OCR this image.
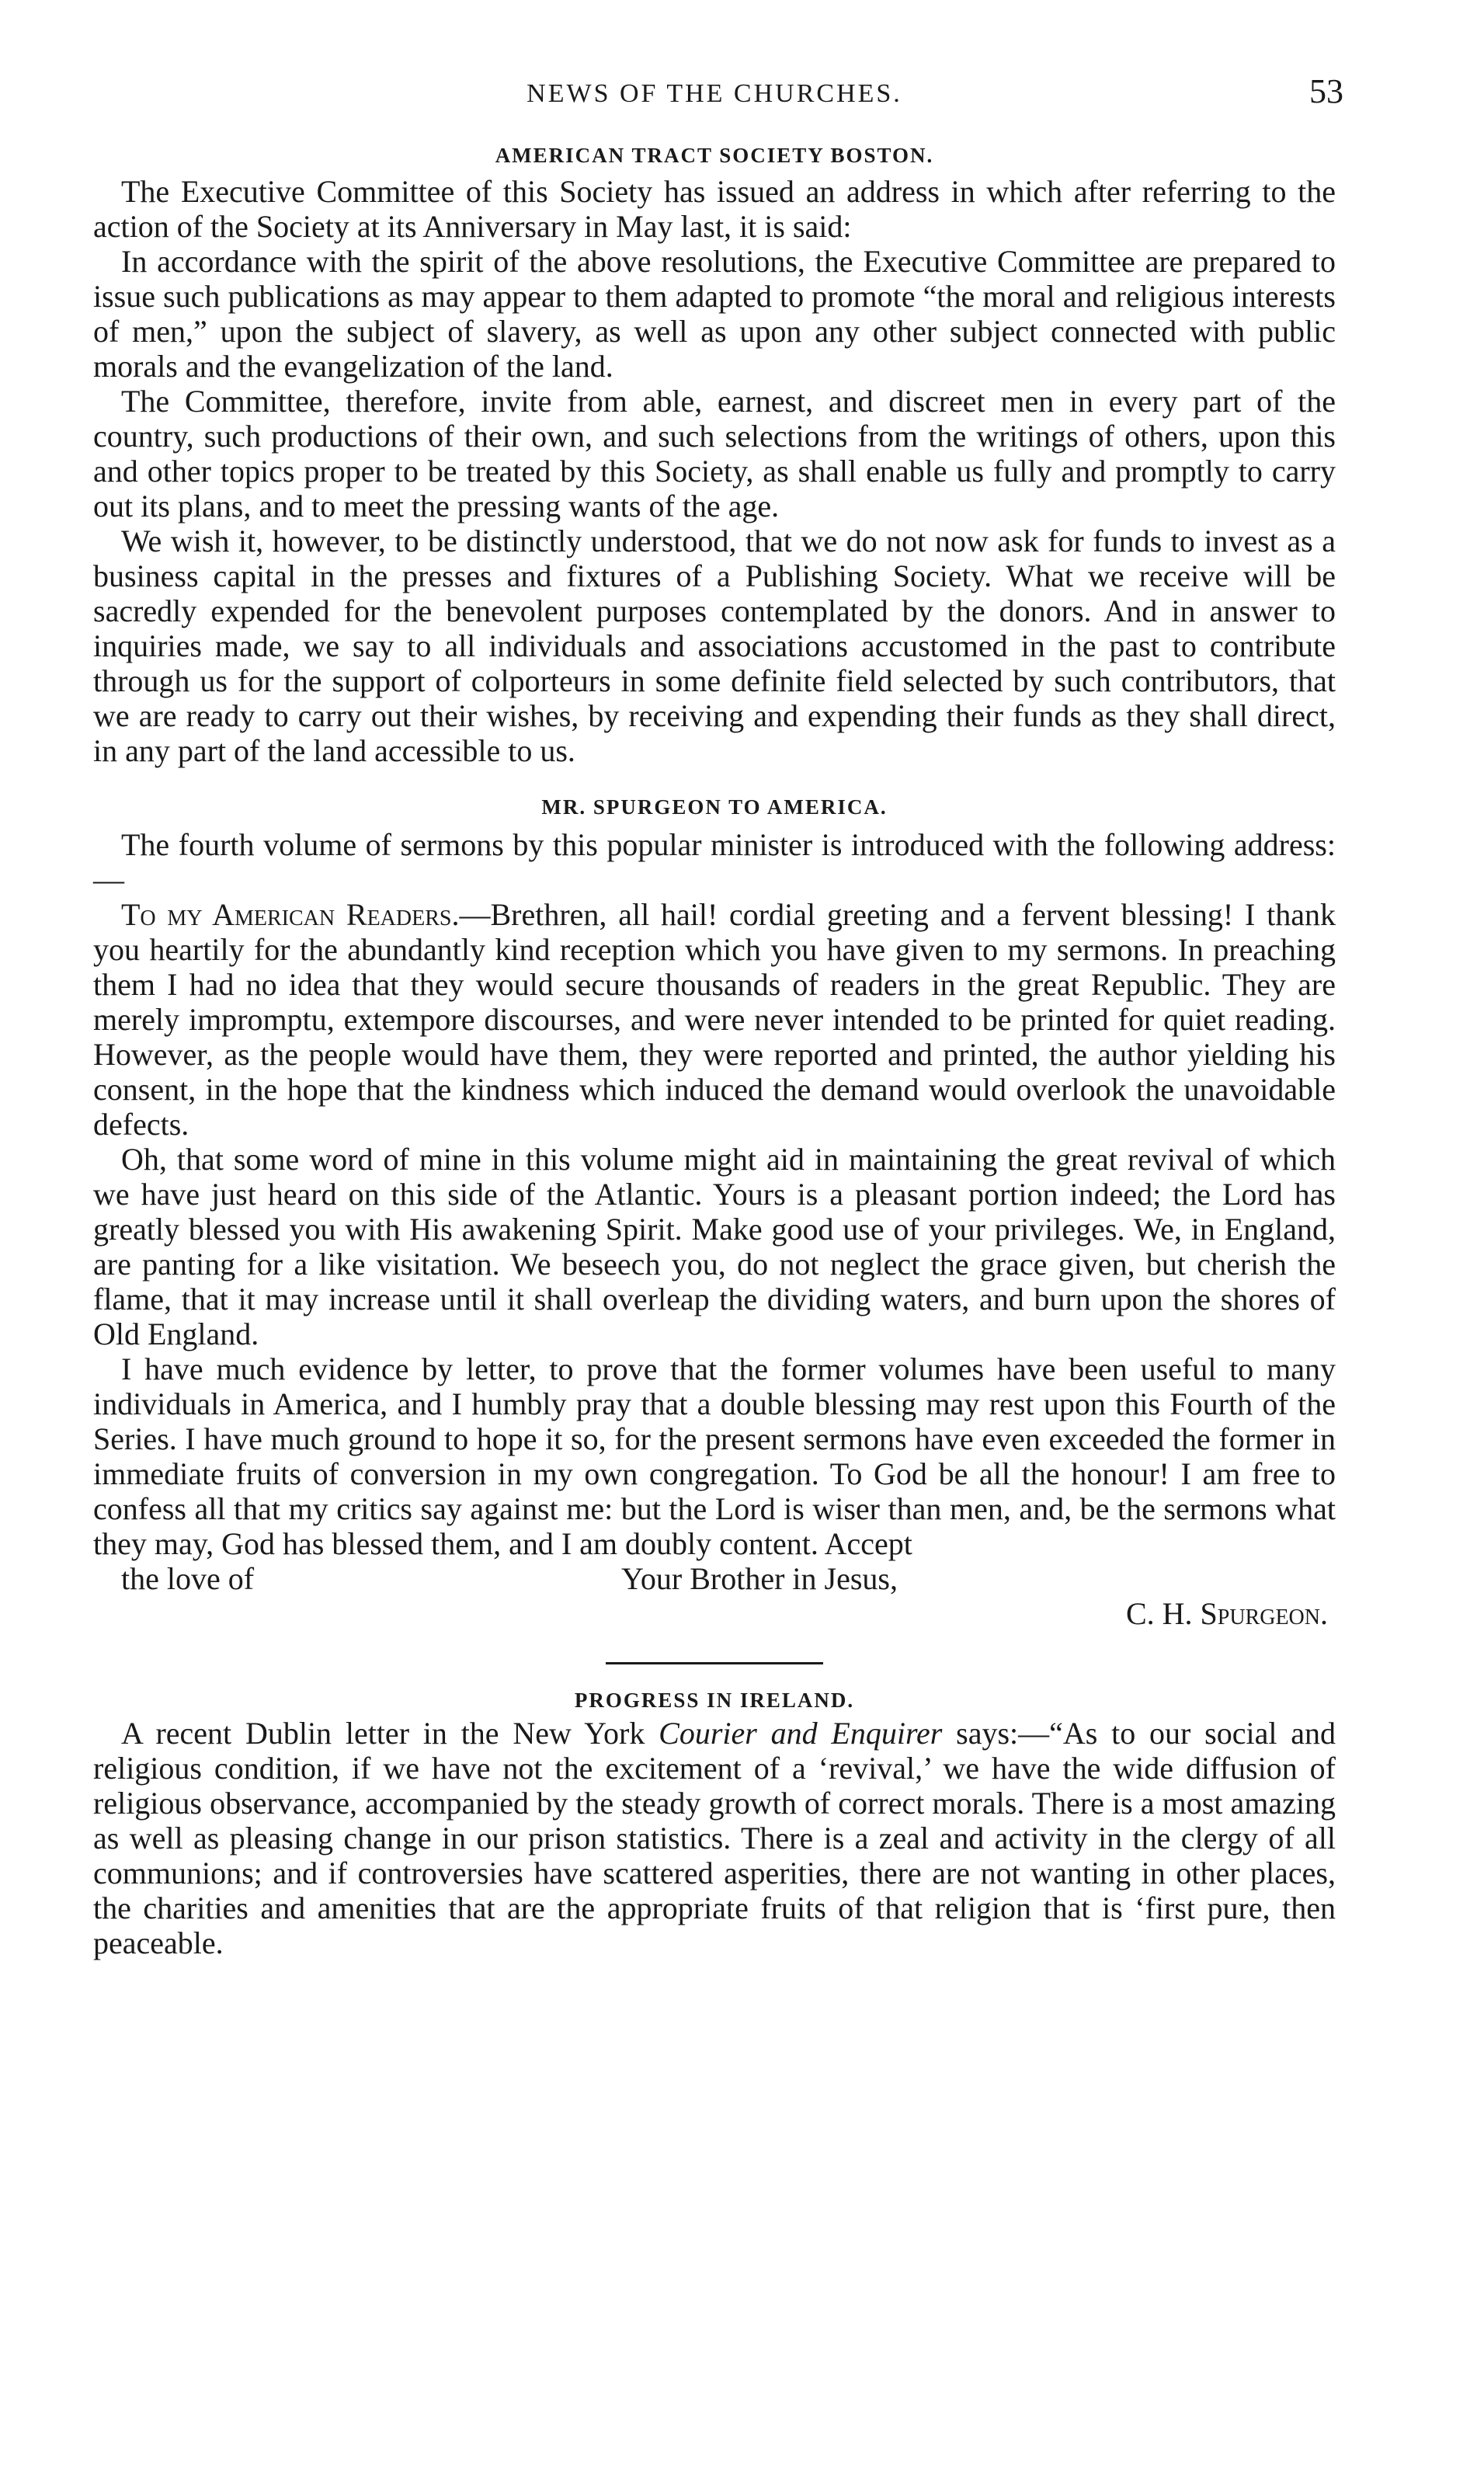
NEWS OF THE CHURCHES.	53
AMERICAN TRACT SOCIETY BOSTON.

The Executive Committee of this Society has issued an address in which after referring to the action of the Society at its Anniversary in May last, it is said:

In accordance with the spirit of the above resolutions, the Executive Committee are prepared to issue such publications as may appear to them adapted to promote “the moral and religious interests of men,” upon the subject of slavery, as well as upon any other subject connected with public morals and the evangelization of the land.

The Committee, therefore, invite from able, earnest, and discreet men in every part of the country, such productions of their own, and such selections from the writings of others, upon this and other topics proper to be treated by this Society, as shall enable us fully and promptly to carry out its plans, and to meet the pressing wants of the age.

We wish it, however, to be distinctly understood, that we do not now ask for funds to invest as a business capital in the presses and fixtures of a Publishing Society. What we receive will be sacredly expended for the benevolent purposes contemplated by the donors. And in answer to inquiries made, we say to all individuals and associations accustomed in the past to contribute through us for the support of colporteurs in some definite field selected by such contributors, that we are ready to carry out their wishes, by receiving and expending their funds as they shall direct, in any part of the land accessible to us.

MR. SPURGEON TO AMERICA.

The fourth volume of sermons by this popular minister is introduced with the following address:—

To my American Readers.—Brethren, all hail! cordial greeting and a fervent blessing! I thank you heartily for the abundantly kind reception which you have given to my sermons. In preaching them I had no idea that they would secure thousands of readers in the great Republic. They are merely impromptu, extempore discourses, and were never intended to be printed for quiet reading. However, as the people would have them, they were reported and printed, the author yielding his consent, in the hope that the kindness which induced the demand would overlook the unavoidable defects.

Oh, that some word of mine in this volume might aid in maintaining the great revival of which we have just heard on this side of the Atlantic. Yours is a pleasant portion indeed; the Lord has greatly blessed you with His awakening Spirit. Make good use of your privileges. We, in England, are panting for a like visitation. We beseech you, do not neglect the grace given, but cherish the flame, that it may increase until it shall overleap the dividing waters, and burn upon the shores of Old England.

I have much evidence by letter, to prove that the former volumes have been useful to many individuals in America, and I humbly pray that a double blessing may rest upon this Fourth of the Series. I have much ground to hope it so, for the present sermons have even exceeded the former in immediate fruits of conversion in my own congregation. To God be all the honour! I am free to confess all that my critics say against me: but the Lord is wiser than men, and, be the sermons what they may, God has blessed them, and I am doubly content. Accept

the love of	Your Brother in Jesus,
C. H. Spurgeon.
PROGRESS IN IRELAND.

A recent Dublin letter in the New York Courier and Enquirer says:—“As to our social and religious condition, if we have not the excitement of a ‘revival,’ we have the wide diffusion of religious observance, accompanied by the steady growth of correct morals. There is a most amazing as well as pleasing change in our prison statistics. There is a zeal and activity in the clergy of all communions; and if controversies have scattered asperities, there are not wanting in other places, the charities and amenities that are the appropriate fruits of that religion that is ‘first pure, then peaceable.
